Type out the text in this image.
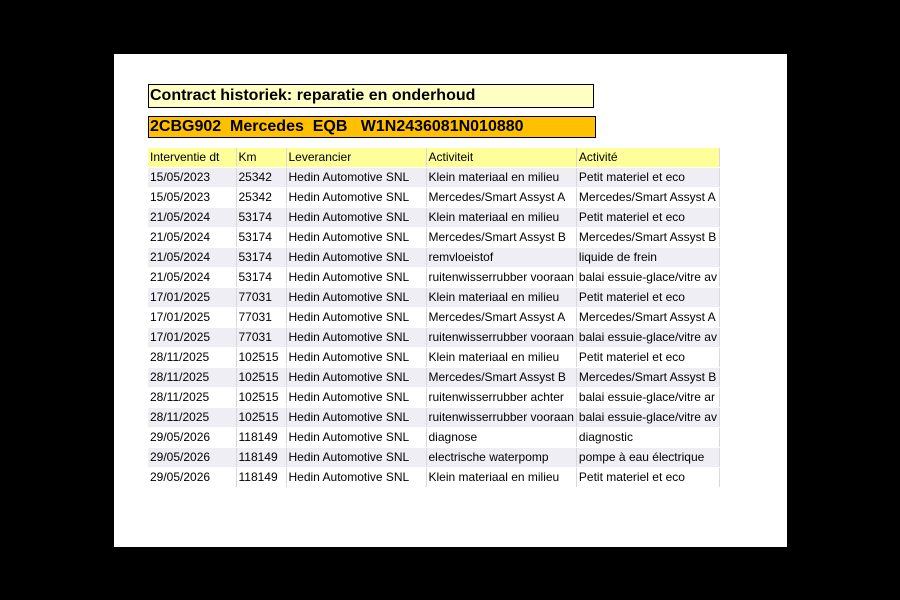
Contract historiek: reparatie en onderhoud
2CBG902  Mercedes  EQB   W1N2436081N010880
Interventie dt	Km	Leverancier	Activiteit	Activité
15/05/2023	25342	Hedin Automotive SNL	Klein materiaal en milieu	Petit materiel et eco
15/05/2023	25342	Hedin Automotive SNL	Mercedes/Smart Assyst A	Mercedes/Smart Assyst A
21/05/2024	53174	Hedin Automotive SNL	Klein materiaal en milieu	Petit materiel et eco
21/05/2024	53174	Hedin Automotive SNL	Mercedes/Smart Assyst B	Mercedes/Smart Assyst B
21/05/2024	53174	Hedin Automotive SNL	remvloeistof	liquide de frein
21/05/2024	53174	Hedin Automotive SNL	ruitenwisserrubber vooraan	balai essuie-glace/vitre av
17/01/2025	77031	Hedin Automotive SNL	Klein materiaal en milieu	Petit materiel et eco
17/01/2025	77031	Hedin Automotive SNL	Mercedes/Smart Assyst A	Mercedes/Smart Assyst A
17/01/2025	77031	Hedin Automotive SNL	ruitenwisserrubber vooraan	balai essuie-glace/vitre av
28/11/2025	102515	Hedin Automotive SNL	Klein materiaal en milieu	Petit materiel et eco
28/11/2025	102515	Hedin Automotive SNL	Mercedes/Smart Assyst B	Mercedes/Smart Assyst B
28/11/2025	102515	Hedin Automotive SNL	ruitenwisserrubber achter	balai essuie-glace/vitre ar
28/11/2025	102515	Hedin Automotive SNL	ruitenwisserrubber vooraan	balai essuie-glace/vitre av
29/05/2026	118149	Hedin Automotive SNL	diagnose	diagnostic
29/05/2026	118149	Hedin Automotive SNL	electrische waterpomp	pompe à eau électrique
29/05/2026	118149	Hedin Automotive SNL	Klein materiaal en milieu	Petit materiel et eco
